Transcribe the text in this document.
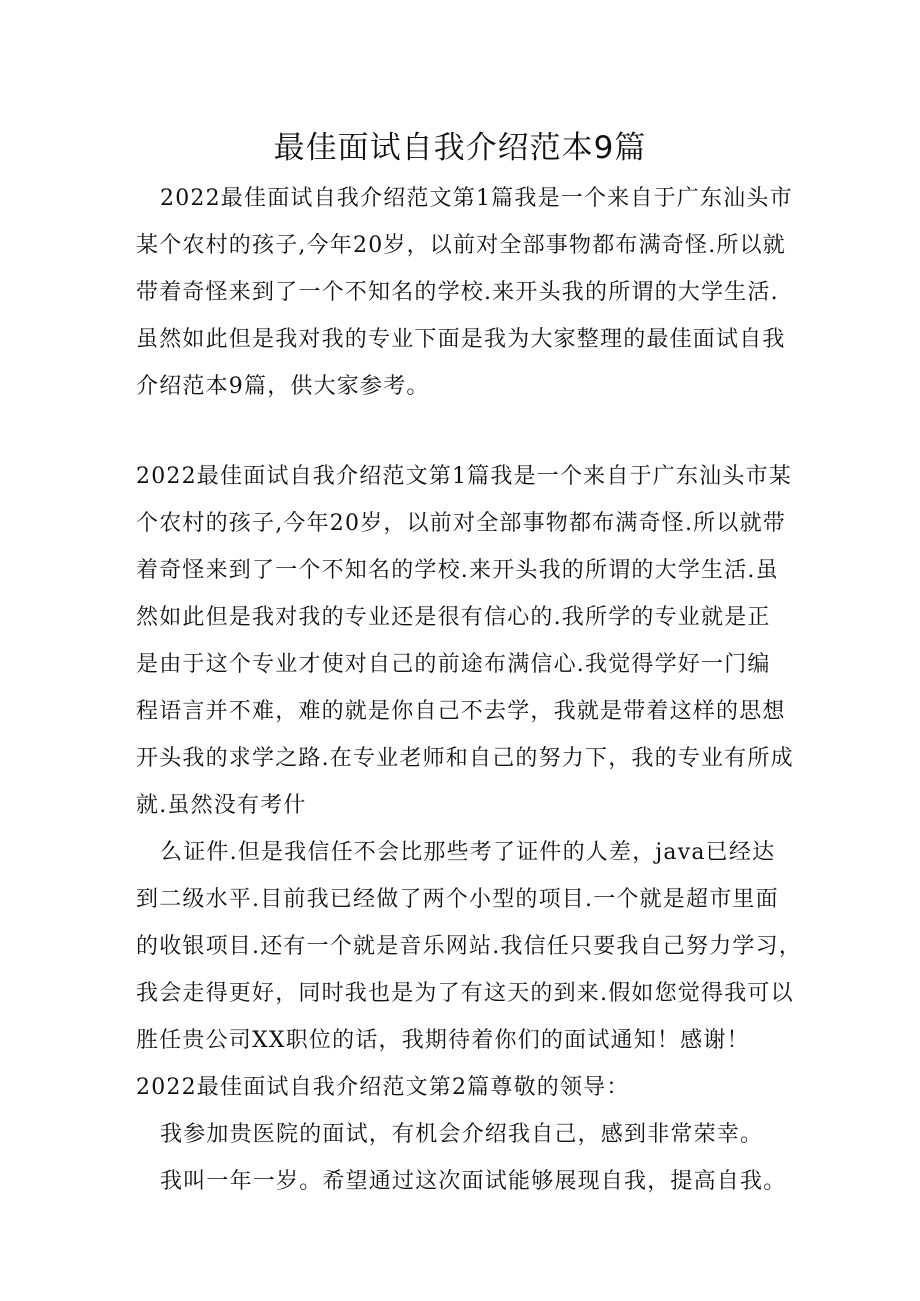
最佳面试自我介绍范本9篇
2022最佳面试自我介绍范文第1篇我是一个来自于广东汕头市
某个农村的孩子,今年20岁，以前对全部事物都布满奇怪.所以就
带着奇怪来到了一个不知名的学校.来开头我的所谓的大学生活.
虽然如此但是我对我的专业下面是我为大家整理的最佳面试自我
介绍范本9篇，供大家参考。
2022最佳面试自我介绍范文第1篇我是一个来自于广东汕头市某
个农村的孩子,今年20岁，以前对全部事物都布满奇怪.所以就带
着奇怪来到了一个不知名的学校.来开头我的所谓的大学生活.虽
然如此但是我对我的专业还是很有信心的.我所学的专业就是正
是由于这个专业才使对自己的前途布满信心.我觉得学好一门编
程语言并不难，难的就是你自己不去学，我就是带着这样的思想
开头我的求学之路.在专业老师和自己的努力下，我的专业有所成
就.虽然没有考什
么证件.但是我信任不会比那些考了证件的人差，java已经达
到二级水平.目前我已经做了两个小型的项目.一个就是超市里面
的收银项目.还有一个就是音乐网站.我信任只要我自己努力学习，
我会走得更好，同时我也是为了有这天的到来.假如您觉得我可以
胜任贵公司XX职位的话，我期待着你们的面试通知！感谢！
2022最佳面试自我介绍范文第2篇尊敬的领导：
我参加贵医院的面试，有机会介绍我自己，感到非常荣幸。
我叫一年一岁。希望通过这次面试能够展现自我，提高自我。
